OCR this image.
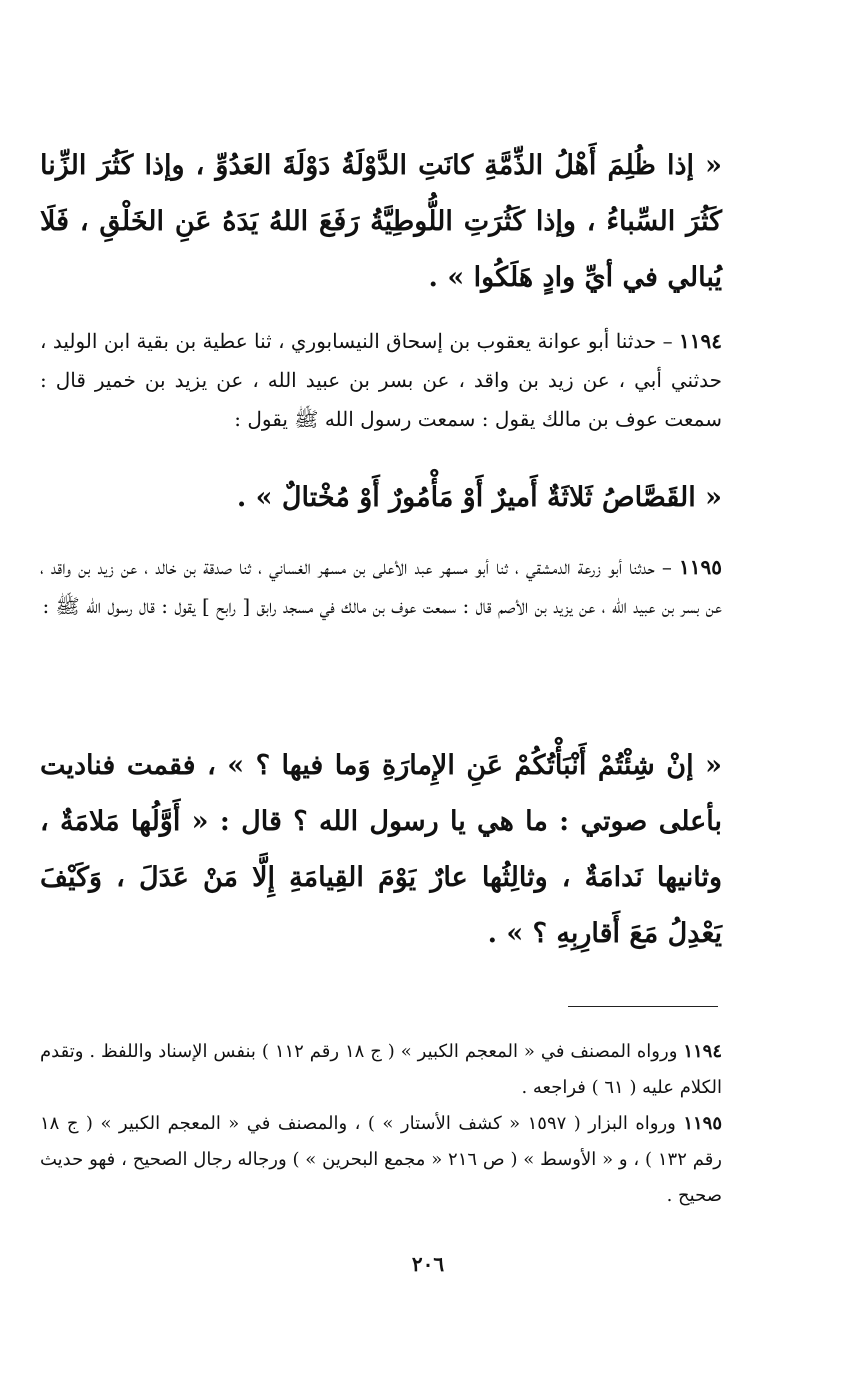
« إذا ظُلِمَ أَهْلُ الذِّمَّةِ كانَتِ الدَّوْلَةُ دَوْلَةَ العَدُوِّ ، وإذا كَثُرَ الزِّنا كَثُرَ السِّباءُ ، وإذا كَثُرَتِ اللُّوطِيَّةُ رَفَعَ اللهُ يَدَهُ عَنِ الخَلْقِ ، فَلَا يُبالي في أيِّ وادٍ هَلَكُوا » .
١١٩٤ – حدثنا أبو عوانة يعقوب بن إسحاق النيسابوري ، ثنا عطية بن بقية ابن الوليد ، حدثني أبي ، عن زيد بن واقد ، عن بسر بن عبيد الله ، عن يزيد بن خمير قال : سمعت عوف بن مالك يقول : سمعت رسول الله ﷺ يقول :
« القَصَّاصُ ثَلاثَةٌ أَميرٌ أَوْ مَأْمُورٌ أَوْ مُخْتالٌ » .
١١٩٥ – حدثنا أبو زرعة الدمشقي ، ثنا أبو مسهر عبد الأعلى بن مسهر الغساني ، ثنا صدقة بن خالد ، عن زيد بن واقد ، عن بسر بن عبيد الله ، عن يزيد بن الأصم قال : سمعت عوف بن مالك في مسجد رابق [ رابح ] يقول : قال رسول الله ﷺ :
« إنْ شِئْتُمْ أَنْبَأْتُكُمْ عَنِ الإِمارَةِ وَما فيها ؟ » ، فقمت فناديت بأعلى صوتي : ما هي يا رسول الله ؟ قال : « أَوَّلُها مَلامَةٌ ، وثانيها نَدامَةٌ ، وثالِثُها عارٌ يَوْمَ القِيامَةِ إِلَّا مَنْ عَدَلَ ، وَكَيْفَ يَعْدِلُ مَعَ أَقارِبِهِ ؟ » .

١١٩٤ ورواه المصنف في « المعجم الكبير » ( ج ١٨ رقم ١١٢ ) بنفس الإسناد واللفظ . وتقدم الكلام عليه ( ٦١ ) فراجعه .

١١٩٥ ورواه البزار ( ١٥٩٧ « كشف الأستار » ) ، والمصنف في « المعجم الكبير » ( ج ١٨ رقم ١٣٢ ) ، و « الأوسط » ( ص ٢١٦ « مجمع البحرين » ) ورجاله رجال الصحيح ، فهو حديث صحيح .

٢٠٦
